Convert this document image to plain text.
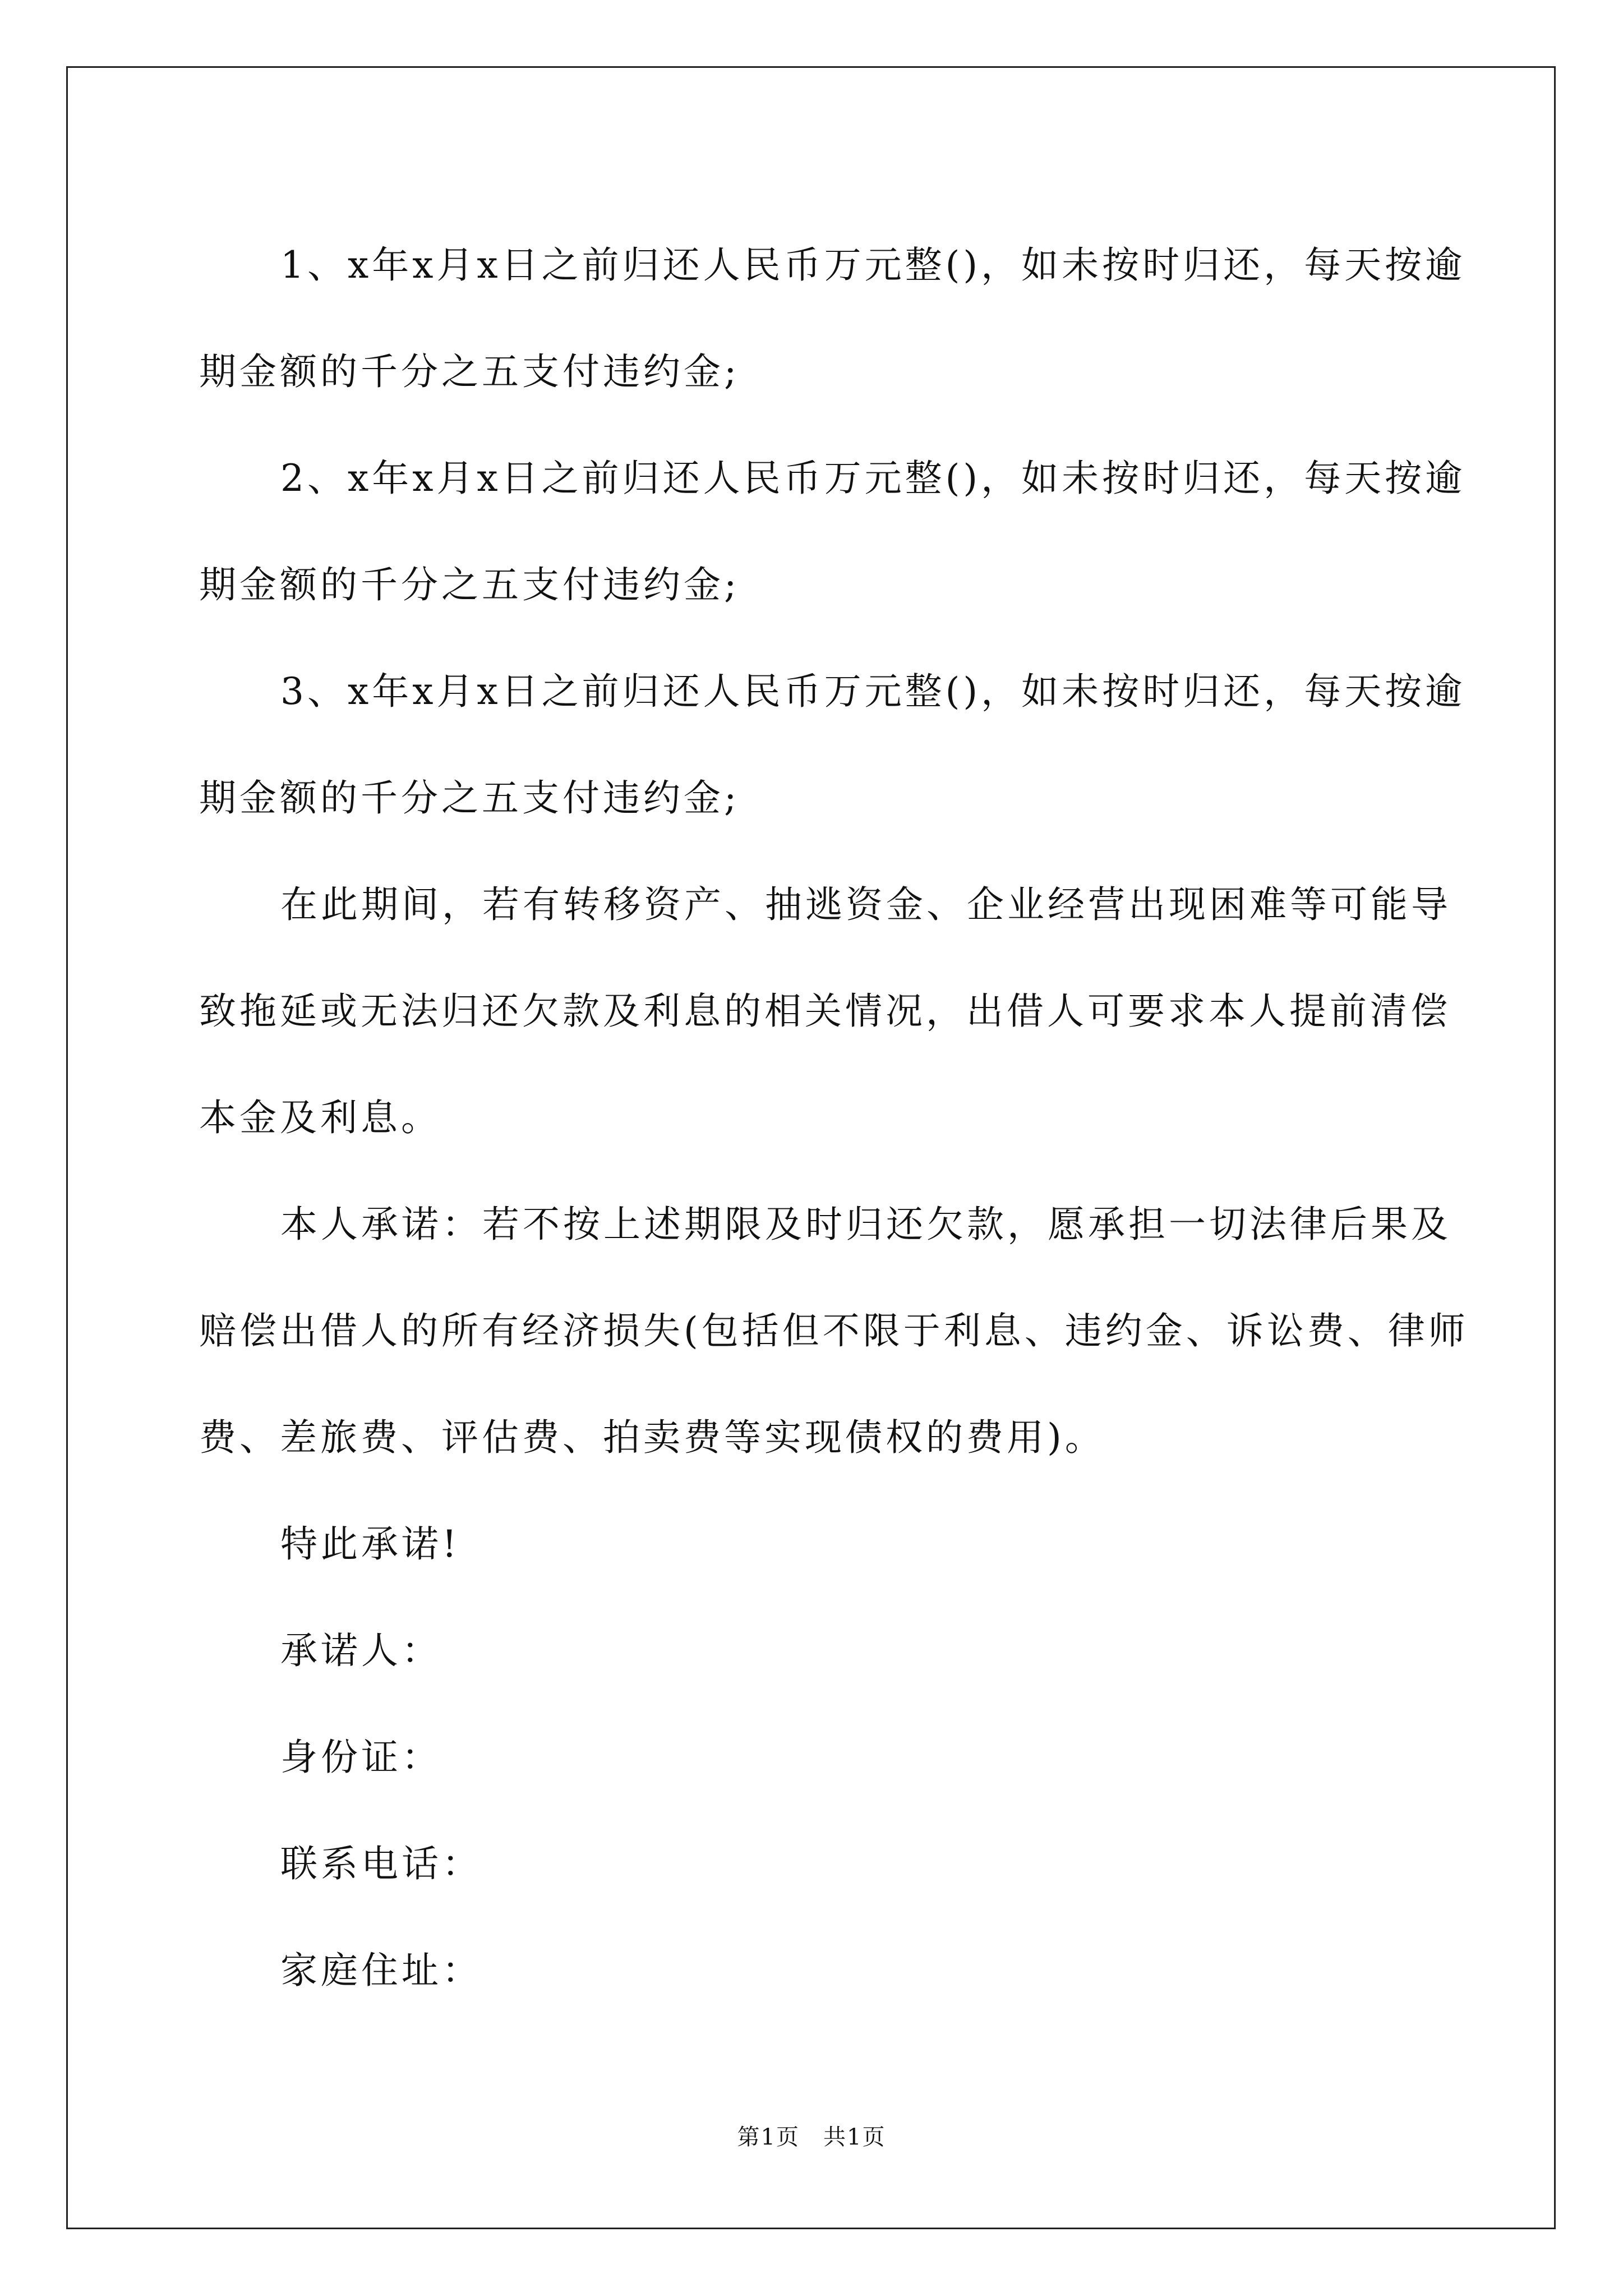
1、x年x月x日之前归还人民币万元整()，如未按时归还，每天按逾期金额的千分之五支付违约金;

2、x年x月x日之前归还人民币万元整()，如未按时归还，每天按逾期金额的千分之五支付违约金;

3、x年x月x日之前归还人民币万元整()，如未按时归还，每天按逾期金额的千分之五支付违约金;

在此期间，若有转移资产、抽逃资金、企业经营出现困难等可能导致拖延或无法归还欠款及利息的相关情况，出借人可要求本人提前清偿本金及利息。

本人承诺：若不按上述期限及时归还欠款，愿承担一切法律后果及赔偿出借人的所有经济损失(包括但不限于利息、违约金、诉讼费、律师费、差旅费、评估费、拍卖费等实现债权的费用)。

特此承诺!

承诺人：

身份证：

联系电话：

家庭住址：

第1页　共1页
